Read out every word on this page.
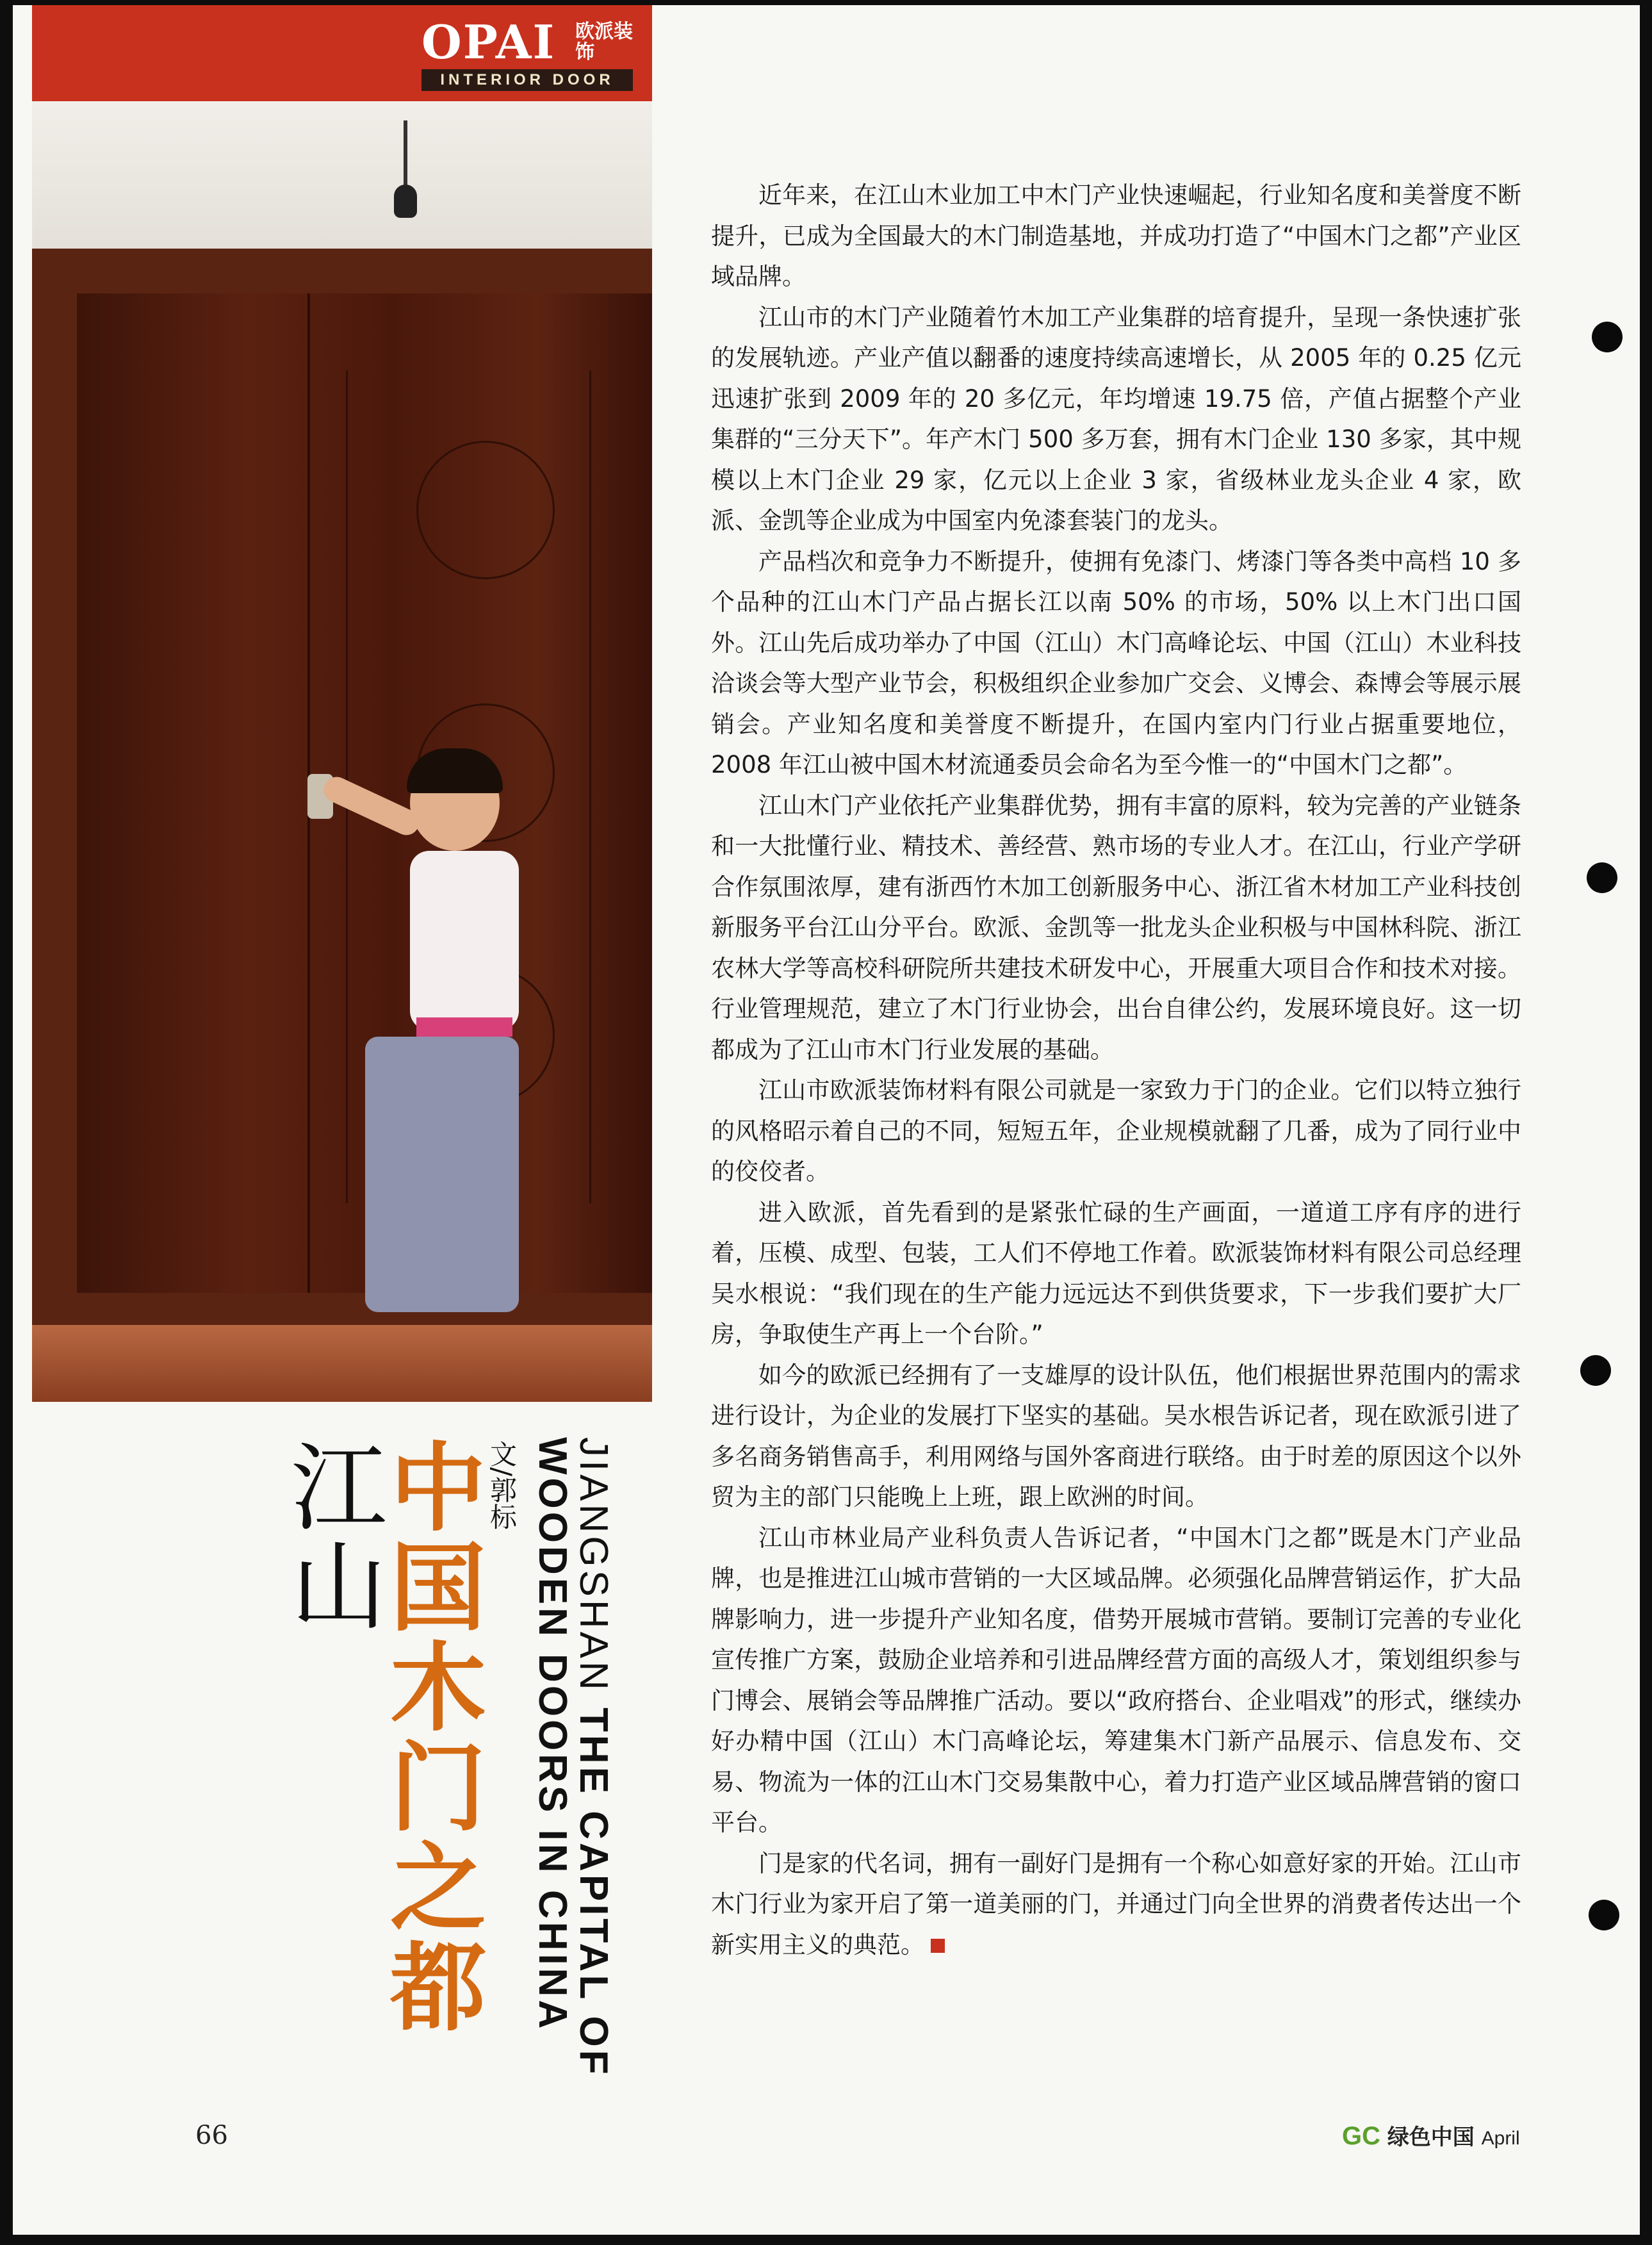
OPAI	欧派装饰
INTERIOR DOOR
江山
中国木门之都 文/郭标	JIANGSHAN THE CAPITAL OF WOODEN DOORS IN CHINA

近年来，在江山木业加工中木门产业快速崛起，行业知名度和美誉度不断提升，已成为全国最大的木门制造基地，并成功打造了“中国木门之都”产业区域品牌。

江山市的木门产业随着竹木加工产业集群的培育提升，呈现一条快速扩张的发展轨迹。产业产值以翻番的速度持续高速增长，从 2005 年的 0.25 亿元迅速扩张到 2009 年的 20 多亿元，年均增速 19.75 倍，产值占据整个产业集群的“三分天下”。年产木门 500 多万套，拥有木门企业 130 多家，其中规模以上木门企业 29 家，亿元以上企业 3 家，省级林业龙头企业 4 家，欧派、金凯等企业成为中国室内免漆套装门的龙头。

产品档次和竞争力不断提升，使拥有免漆门、烤漆门等各类中高档 10 多个品种的江山木门产品占据长江以南 50% 的市场，50% 以上木门出口国外。江山先后成功举办了中国（江山）木门高峰论坛、中国（江山）木业科技洽谈会等大型产业节会，积极组织企业参加广交会、义博会、森博会等展示展销会。产业知名度和美誉度不断提升，在国内室内门行业占据重要地位，2008 年江山被中国木材流通委员会命名为至今惟一的“中国木门之都”。

江山木门产业依托产业集群优势，拥有丰富的原料，较为完善的产业链条和一大批懂行业、精技术、善经营、熟市场的专业人才。在江山，行业产学研合作氛围浓厚，建有浙西竹木加工创新服务中心、浙江省木材加工产业科技创新服务平台江山分平台。欧派、金凯等一批龙头企业积极与中国林科院、浙江农林大学等高校科研院所共建技术研发中心，开展重大项目合作和技术对接。行业管理规范，建立了木门行业协会，出台自律公约，发展环境良好。这一切都成为了江山市木门行业发展的基础。

江山市欧派装饰材料有限公司就是一家致力于门的企业。它们以特立独行的风格昭示着自己的不同，短短五年，企业规模就翻了几番，成为了同行业中的佼佼者。

进入欧派，首先看到的是紧张忙碌的生产画面，一道道工序有序的进行着，压模、成型、包装，工人们不停地工作着。欧派装饰材料有限公司总经理吴水根说：“我们现在的生产能力远远达不到供货要求，下一步我们要扩大厂房，争取使生产再上一个台阶。”

如今的欧派已经拥有了一支雄厚的设计队伍，他们根据世界范围内的需求进行设计，为企业的发展打下坚实的基础。吴水根告诉记者，现在欧派引进了多名商务销售高手，利用网络与国外客商进行联络。由于时差的原因这个以外贸为主的部门只能晚上上班，跟上欧洲的时间。

江山市林业局产业科负责人告诉记者，“中国木门之都”既是木门产业品牌，也是推进江山城市营销的一大区域品牌。必须强化品牌营销运作，扩大品牌影响力，进一步提升产业知名度，借势开展城市营销。要制订完善的专业化宣传推广方案，鼓励企业培养和引进品牌经营方面的高级人才，策划组织参与门博会、展销会等品牌推广活动。要以“政府搭台、企业唱戏”的形式，继续办好办精中国（江山）木门高峰论坛，筹建集木门新产品展示、信息发布、交易、物流为一体的江山木门交易集散中心，着力打造产业区域品牌营销的窗口平台。

门是家的代名词，拥有一副好门是拥有一个称心如意好家的开始。江山市木门行业为家开启了第一道美丽的门，并通过门向全世界的消费者传达出一个新实用主义的典范。

66	GC 绿色中国 April
